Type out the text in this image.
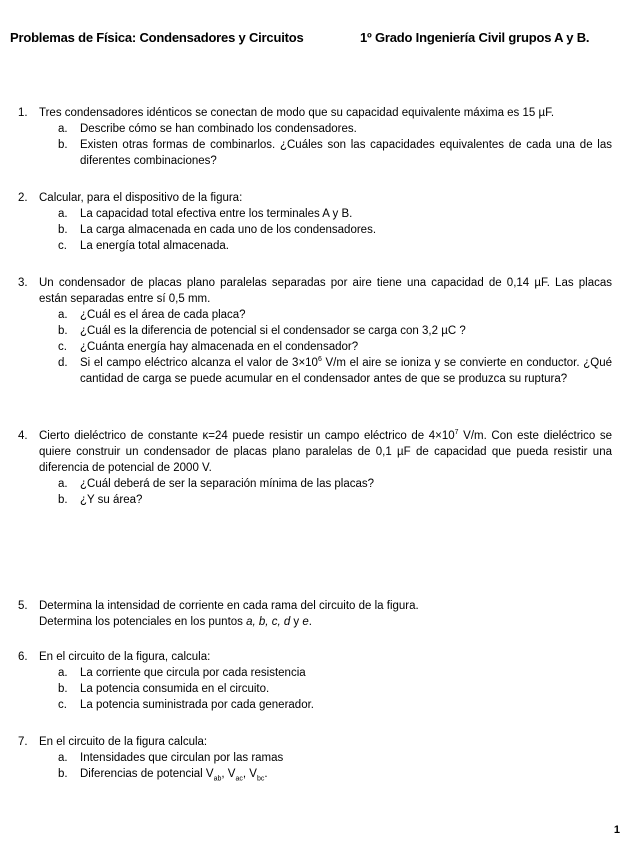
Problemas de Física: Condensadores y Circuitos	1º Grado Ingeniería Civil grupos A y B.
1. Tres condensadores idénticos se conectan de modo que su capacidad equivalente máxima es 15 µF.
a.	Describe cómo se han combinado los condensadores.
b.	Existen otras formas de combinarlos. ¿Cuáles son las capacidades equivalentes de cada una de las diferentes combinaciones?
2. Calcular, para el dispositivo de la figura:
a.	La capacidad total efectiva entre los terminales A y B.
b.	La carga almacenada en cada uno de los condensadores.
c.	La energía total almacenada.
3. Un condensador de placas plano paralelas separadas por aire tiene una capacidad de 0,14 µF. Las placas están separadas entre sí 0,5 mm.
a.	¿Cuál es el área de cada placa?
b.	¿Cuál es la diferencia de potencial si el condensador se carga con 3,2 µC ?
c.	¿Cuánta energía hay almacenada en el condensador?
d.	Si el campo eléctrico alcanza el valor de $3\times 10^6$ V/m el aire se ioniza y se convierte en conductor. ¿Qué cantidad de carga se puede acumular en el condensador antes de que se produzca su ruptura?
4. Cierto dieléctrico de constante κ=24 puede resistir un campo eléctrico de $4\times 10^7$ V/m. Con este dieléctrico se quiere construir un condensador de placas plano paralelas de 0,1 µF de capacidad que pueda resistir una diferencia de potencial de 2000 V.
a.	¿Cuál deberá de ser la separación mínima de las placas?
b.	¿Y su área?
5. Determina la intensidad de corriente en cada rama del circuito de la figura.
Determina los potenciales en los puntos a, b, c, d y e.
6. En el circuito de la figura, calcula:
a.	La corriente que circula por cada resistencia
b.	La potencia consumida en el circuito.
c.	La potencia suministrada por cada generador.
7. En el circuito de la figura calcula:
a.	Intensidades que circulan por las ramas
b.	Diferencias de potencial $V_{ab}$, $V_{ac}$, $V_{bc}$.
1
